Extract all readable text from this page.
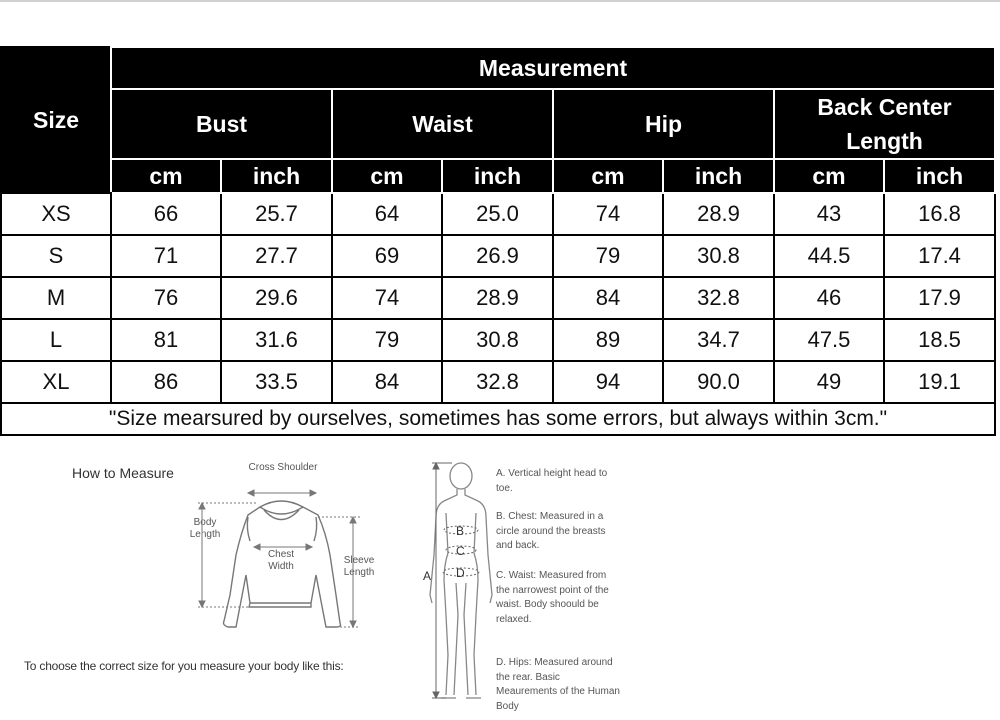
Size	Measurement							
	Bust		Waist		Hip		Back Center Length	
	cm	inch	cm	inch	cm	inch	cm	inch
XS	66	25.7	64	25.0	74	28.9	43	16.8
S	71	27.7	69	26.9	79	30.8	44.5	17.4
M	76	29.6	74	28.9	84	32.8	46	17.9
L	81	31.6	79	30.8	89	34.7	47.5	18.5
XL	86	33.5	84	32.8	94	90.0	49	19.1
"Size mearsured by ourselves, sometimes has some errors, but always within 3cm."								
How to Measure	Cross Shoulder
Body Length
Chest Width
Sleeve Length	A
B
C
D
A. Vertical height head to toe.
B. Chest: Measured in a circle around the breasts and back.
C. Waist: Measured from the narrowest point of the waist. Body shoould be relaxed.
D. Hips: Measured around the rear. Basic Meaurements of the Human Body
To choose the correct size for you measure your body like this:
